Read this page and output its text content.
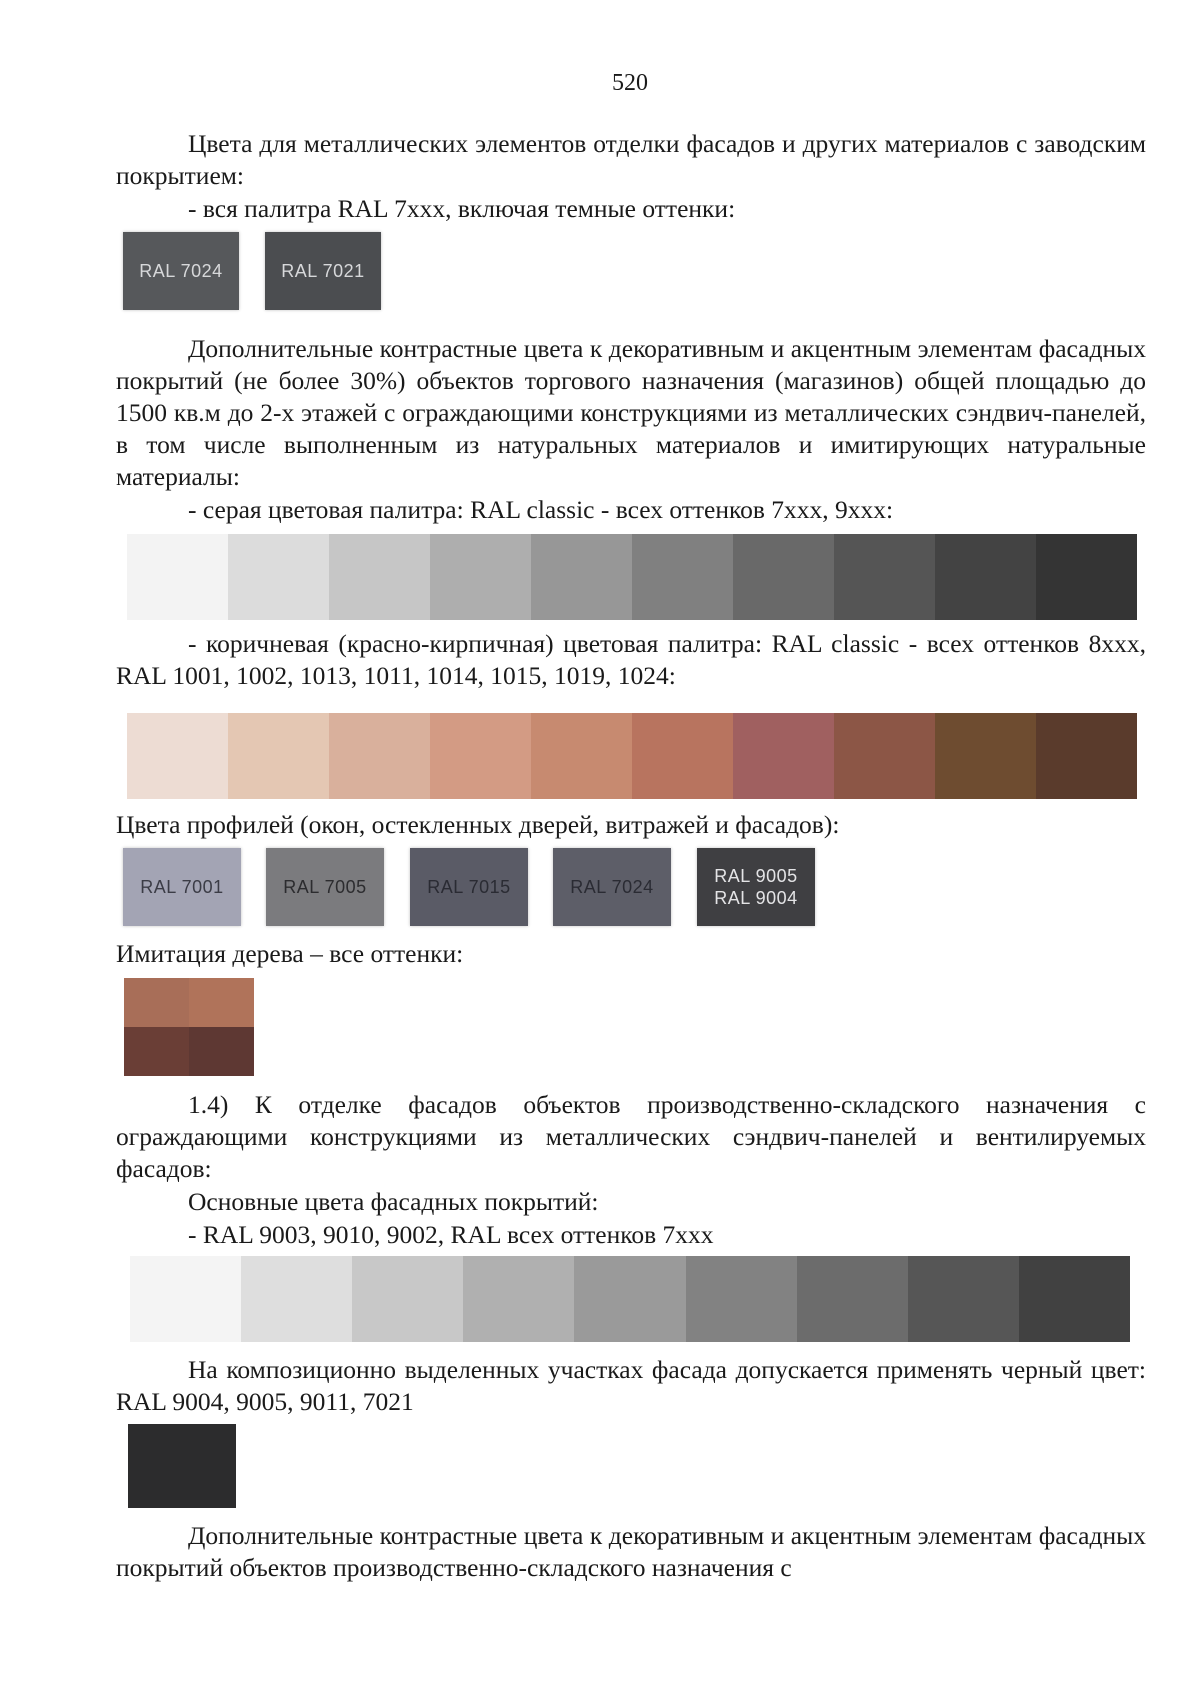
520
Цвета для металлических элементов отделки фасадов и других материалов с заводским покрытием:
- вся палитра RAL 7xxx, включая темные оттенки:
RAL 7024	RAL 7021
Дополнительные контрастные цвета к декоративным и акцентным элементам фасадных покрытий (не более 30%) объектов торгового назначения (магазинов) общей площадью до 1500 кв.м до 2-х этажей с ограждающими конструкциями из металлических сэндвич-панелей, в том числе выполненным из натуральных материалов и имитирующих натуральные материалы:
- серая цветовая палитра: RAL classic - всех оттенков 7xxx, 9xxx:
- коричневая (красно-кирпичная) цветовая палитра: RAL classic - всех оттенков 8xxx, RAL 1001, 1002, 1013, 1011, 1014, 1015, 1019, 1024:
Цвета профилей (окон, остекленных дверей, витражей и фасадов):
RAL 7001	RAL 7005	RAL 7015	RAL 7024
RAL 9005
RAL 9004
Имитация дерева – все оттенки:
1.4) К отделке фасадов объектов производственно-складского назначения с ограждающими конструкциями из металлических сэндвич-панелей и вентилируемых фасадов:
Основные цвета фасадных покрытий:
- RAL 9003, 9010, 9002, RAL всех оттенков 7xxx
На композиционно выделенных участках фасада допускается применять черный цвет: RAL 9004, 9005, 9011, 7021
Дополнительные контрастные цвета к декоративным и акцентным элементам фасадных покрытий объектов производственно-складского назначения с
